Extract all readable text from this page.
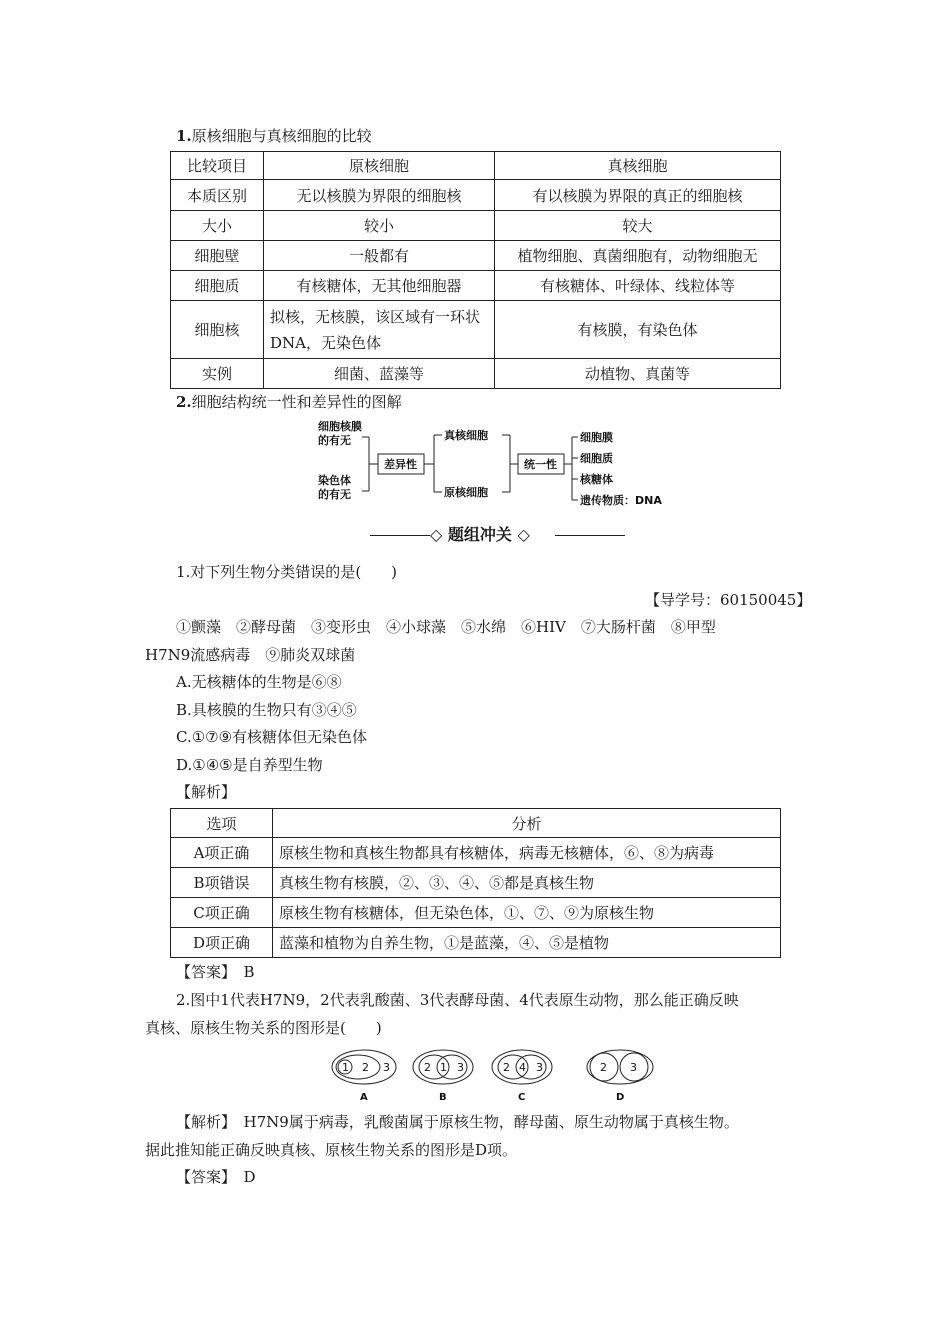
1.原核细胞与真核细胞的比较
比较项目	原核细胞	真核细胞
本质区别	无以核膜为界限的细胞核	有以核膜为界限的真正的细胞核
大小	较小	较大
细胞壁	一般都有	植物细胞、真菌细胞有，动物细胞无
细胞质	有核糖体，无其他细胞器	有核糖体、叶绿体、线粒体等
细胞核	拟核，无核膜，该区域有一环状DNA，无染色体	有核膜，有染色体
实例	细菌、蓝藻等	动植物、真菌等
2.细胞结构统一性和差异性的图解
细胞核膜
的有无
染色体
的有无
差异性
真核细胞
原核细胞
统一性
细胞膜
细胞质
核糖体
遗传物质：DNA
◇ 题组冲关 ◇
1.对下列生物分类错误的是(　　)
【导学号：60150045】
①颤藻　②酵母菌　③变形虫　④小球藻　⑤水绵　⑥HIV　⑦大肠杆菌　⑧甲型
H7N9流感病毒　⑨肺炎双球菌
A.无核糖体的生物是⑥⑧
B.具核膜的生物只有③④⑤
C.①⑦⑨有核糖体但无染色体
D.①④⑤是自养型生物
【解析】
选项	分析
A项正确	原核生物和真核生物都具有核糖体，病毒无核糖体，⑥、⑧为病毒
B项错误	真核生物有核膜，②、③、④、⑤都是真核生物
C项正确	原核生物有核糖体，但无染色体，①、⑦、⑨为原核生物
D项正确	蓝藻和植物为自养生物，①是蓝藻，④、⑤是植物
【答案】　 B
2.图中1代表H7N9，2代表乳酸菌、3代表酵母菌、4代表原生动物，那么能正确反映
真核、原核生物关系的图形是(　　)
1 2 3
A
2 1 3
B
2 4 3
C
2 3
D
【解析】　 H7N9属于病毒，乳酸菌属于原核生物，酵母菌、原生动物属于真核生物。
据此推知能正确反映真核、原核生物关系的图形是D项。
【答案】　 D
